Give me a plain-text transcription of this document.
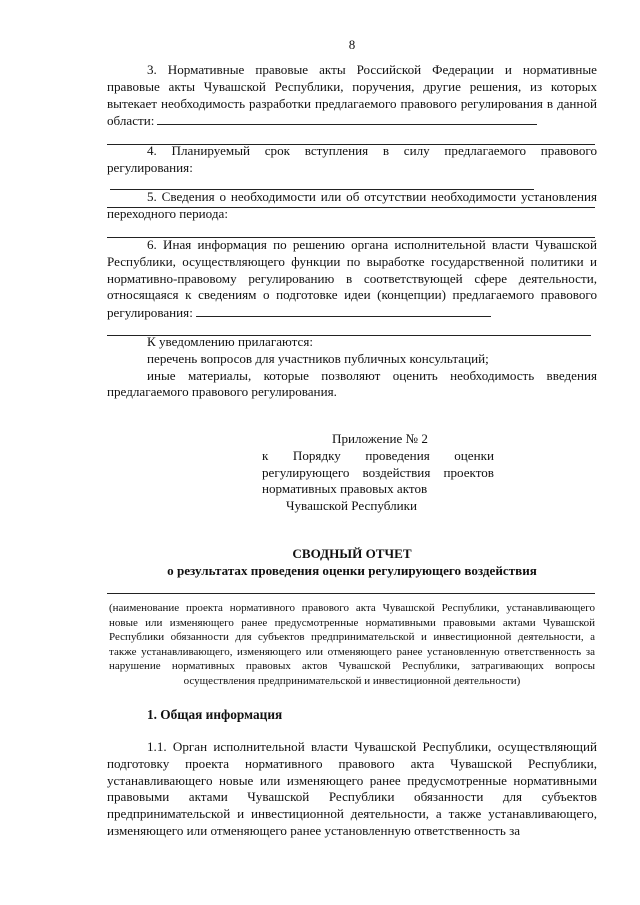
8

3. Нормативные правовые акты Российской Федерации и нормативные правовые акты Чувашской Республики, поручения, другие решения, из которых вытекает необходимость разработки предлагаемого правового регулирования в данной области:

4. Планируемый срок вступления в силу предлагаемого правового регулирования:

5. Сведения о необходимости или об отсутствии необходимости установления переходного периода:

6. Иная информация по решению органа исполнительной власти Чувашской Республики, осуществляющего функции по выработке государственной политики и нормативно-правовому регулированию в соответствующей сфере деятельности, относящаяся к сведениям о подготовке идеи (концепции) предлагаемого правового регулирования:

К уведомлению прилагаются:

перечень вопросов для участников публичных консультаций;

иные материалы, которые позволяют оценить необходимость введения предлагаемого правового регулирования.

Приложение № 2

к Порядку проведения оценки регулирующего воздействия проектов нормативных правовых актов

Чувашской Республики
СВОДНЫЙ ОТЧЕТ
о результатах проведения оценки регулирующего воздействия

(наименование проекта нормативного правового акта Чувашской Республики, устанавливающего новые или изменяющего ранее предусмотренные нормативными правовыми актами Чувашской Республики обязанности для субъектов предпринимательской и инвестиционной деятельности, а также устанавливающего, изменяющего или отменяющего ранее установленную ответственность за нарушение нормативных правовых актов Чувашской Республики, затрагивающих вопросы осуществления предпринимательской и инвестиционной деятельности)

1. Общая информация

1.1. Орган исполнительной власти Чувашской Республики, осуществляющий подготовку проекта нормативного правового акта Чувашской Республики, устанавливающего новые или изменяющего ранее предусмотренные нормативными правовыми актами Чувашской Республики обязанности для субъектов предпринимательской и инвестиционной деятельности, а также устанавливающего, изменяющего или отменяющего ранее установленную ответственность за
